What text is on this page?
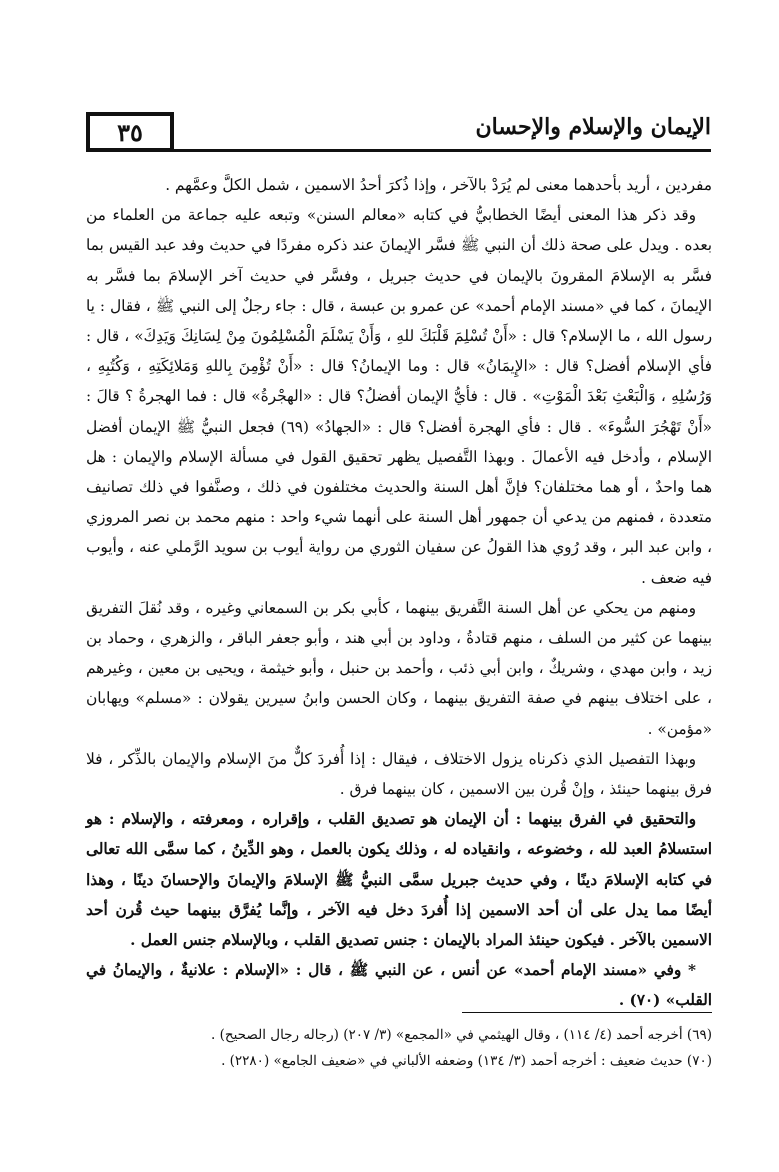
٣٥	الإيمان والإسلام والإحسان

مفردين ، أريد بأحدهما معنى لم يُرَدْ بالآخر ، وإذا ذُكرَ أحدُ الاسمين ، شمل الكلَّ وعمَّهم .

وقد ذكر هذا المعنى أيضًا الخطابيُّ في كتابه «معالم السنن» وتبعه عليه جماعة من العلماء من بعده . ويدل على صحة ذلك أن النبي ﷺ فسَّر الإيمانَ عند ذكره مفردًا في حديث وفد عبد القيس بما فسَّر به الإسلامَ المقرونَ بالإيمان في حديث جبريل ، وفسَّر في حديث آخر الإسلامَ بما فسَّر به الإيمانَ ، كما في «مسند الإمام أحمد» عن عمرو بن عبسة ، قال : جاء رجلٌ إلى النبي ﷺ ، فقال : يا رسول الله ، ما الإسلام؟ قال : «أَنْ تُسْلِمَ قَلْبَكَ للهِ ، وَأَنْ يَسْلَمَ الْمُسْلِمُونَ مِنْ لِسَانِكَ وَيَدِكَ» ، قال : فأي الإسلام أفضل؟ قال : «الإِيمَانُ» قال : وما الإيمانُ؟ قال : «أَنْ تُؤْمِنَ بِاللهِ وَمَلائِكَتِهِ ، وَكُتُبِهِ ، وَرُسُلِهِ ، وَالْبَعْثِ بَعْدَ الْمَوْتِ» . قال : فأيُّ الإيمان أفضلُ؟ قال : «الهجْرةُ» قال : فما الهجرةُ ؟ قالَ : «أَنْ تَهْجُرَ السُّوءَ» . قال : فأي الهجرة أفضل؟ قال : «الجهادُ» (٦٩) فجعل النبيُّ ﷺ الإيمان أفضل الإسلام ، وأدخل فيه الأعمالَ . وبهذا التَّفصيل يظهر تحقيق القول في مسألة الإسلام والإيمان : هل هما واحدٌ ، أو هما مختلفان؟ فإنَّ أهل السنة والحديث مختلفون في ذلك ، وصنَّفوا في ذلك تصانيف متعددة ، فمنهم من يدعي أن جمهور أهل السنة على أنهما شيء واحد : منهم محمد بن نصر المروزي ، وابن عبد البر ، وقد رُوي هذا القولُ عن سفيان الثوري من رواية أيوب بن سويد الرَّملي عنه ، وأيوب فيه ضعف .

ومنهم من يحكي عن أهل السنة التَّفريق بينهما ، كأبي بكر بن السمعاني وغيره ، وقد نُقلَ التفريق بينهما عن كثير من السلف ، منهم قتادةُ ، وداود بن أبي هند ، وأبو جعفر الباقر ، والزهري ، وحماد بن زيد ، وابن مهدي ، وشريكٌ ، وابن أبي ذئب ، وأحمد بن حنبل ، وأبو خيثمة ، ويحيى بن معين ، وغيرهم ، على اختلاف بينهم في صفة التفريق بينهما ، وكان الحسن وابنُ سيرين يقولان : «مسلم» ويهابان «مؤمن» .

وبهذا التفصيل الذي ذكرناه يزول الاختلاف ، فيقال : إذا أُفردَ كلٌّ منَ الإسلام والإيمان بالذِّكر ، فلا فرق بينهما حينئذ ، وإنْ قُرن بين الاسمين ، كان بينهما فرق .

والتحقيق في الفرق بينهما : أن الإيمان هو تصديق القلب ، وإقراره ، ومعرفته ، والإسلام : هو استسلامُ العبد لله ، وخضوعه ، وانقياده له ، وذلك يكون بالعمل ، وهو الدِّينُ ، كما سمَّى الله تعالى في كتابه الإسلامَ دينًا ، وفي حديث جبريل سمَّى النبيُّ ﷺ الإسلامَ والإيمانَ والإحسانَ دينًا ، وهذا أيضًا مما يدل على أن أحد الاسمين إذا أُفردَ دخل فيه الآخر ، وإنَّما يُفرَّق بينهما حيث قُرن أحد الاسمين بالآخر . فيكون حينئذ المراد بالإيمان : جنس تصديق القلب ، وبالإسلام جنس العمل .

* وفي «مسند الإمام أحمد» عن أنس ، عن النبي ﷺ ، قال : «الإسلام : علانيةٌ ، والإيمانُ في القلب» (٧٠) .

(٦٩) أخرجه أحمد (٤/ ١١٤) ، وقال الهيثمي في «المجمع» (٣/ ٢٠٧) (رجاله رجال الصحيح) .
(٧٠) حديث ضعيف : أخرجه أحمد (٣/ ١٣٤) وضعفه الألباني في «ضعيف الجامع» (٢٢٨٠) .
